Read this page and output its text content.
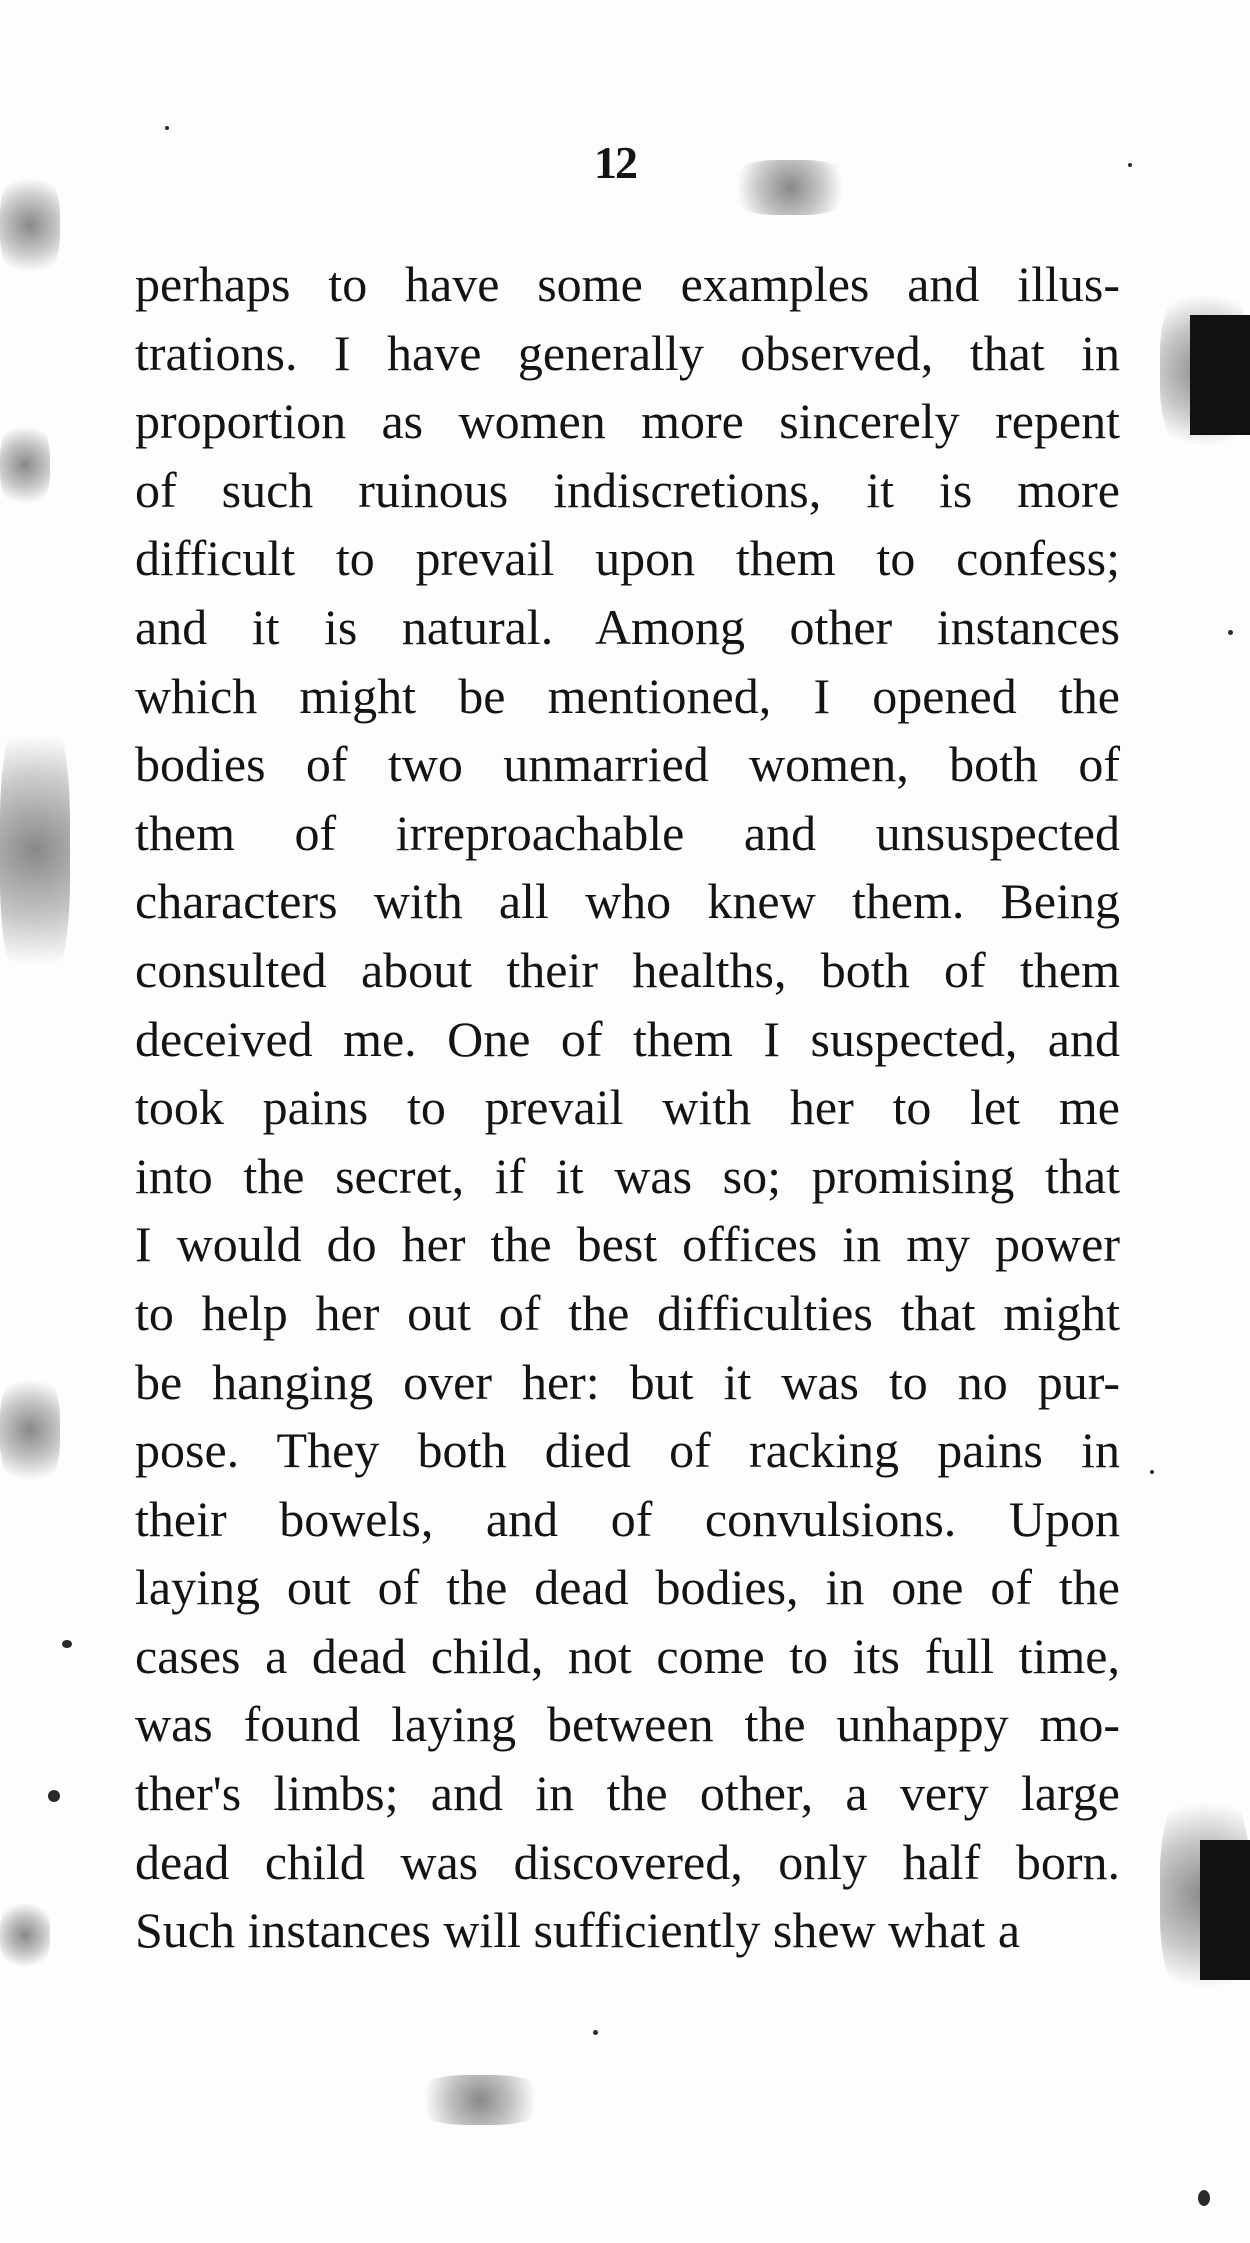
12
perhaps to have some examples and illus-
trations. I have generally observed, that in
proportion as women more sincerely repent
of such ruinous indiscretions, it is more
difficult to prevail upon them to confess;
and it is natural. Among other instances
which might be mentioned, I opened the
bodies of two unmarried women, both of
them of irreproachable and unsuspected
characters with all who knew them. Being
consulted about their healths, both of them
deceived me. One of them I suspected, and
took pains to prevail with her to let me
into the secret, if it was so; promising that
I would do her the best offices in my power
to help her out of the difficulties that might
be hanging over her: but it was to no pur-
pose. They both died of racking pains in
their bowels, and of convulsions. Upon
laying out of the dead bodies, in one of the
cases a dead child, not come to its full time,
was found laying between the unhappy mo-
ther's limbs; and in the other, a very large
dead child was discovered, only half born.
Such instances will sufficiently shew what a
